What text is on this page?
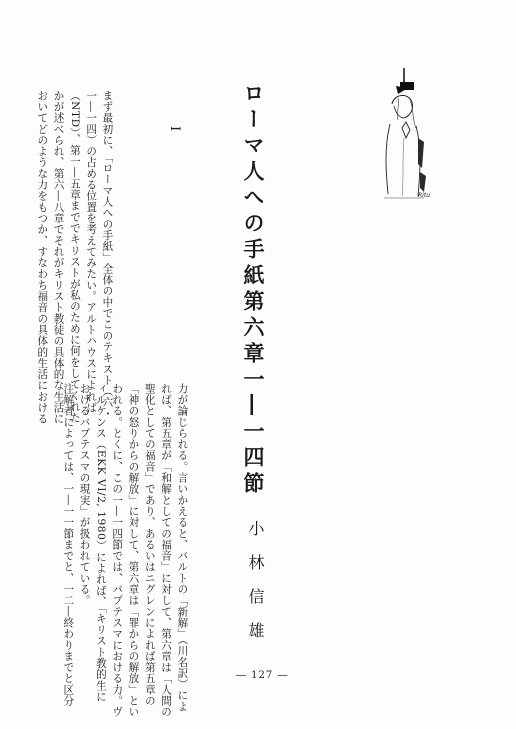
ローマ人への手紙第六章一―一四節
小林信雄
I
まず最初に、「ローマ人への手紙」全体の中でこのテキスト（六・
一―一四）の占める位置を考えてみたい。アルトハウスによれば
（NTD）、第一―五章まででキリストが私のために何をしてくれた
かが述べられ、第六―八章でそれがキリスト教徒の具体的な生活に
おいてどのような力をもつか、すなわち福音の具体的生活における
力が論じられる。言いかえると、バルトの「新解」（川名訳）によ
れば、第五章が「和解としての福音」に対して、第六章は「人間の
聖化としての福音」であり、あるいはニグレンによれば第五章の
「神の怒りからの解放」に対して、第六章は「罪からの解放」とい
われる。とくに、この一―一四節では、バプテスマにおける力。ヴ
ィルケンス（EKK VI/2, 1980）によれば、「キリスト教的生に
おけるバプテスマの現実」が扱われている。
注解者によっては、一―一一節までと、一二―終わりまでと区分
Ritu
― 127 ―
